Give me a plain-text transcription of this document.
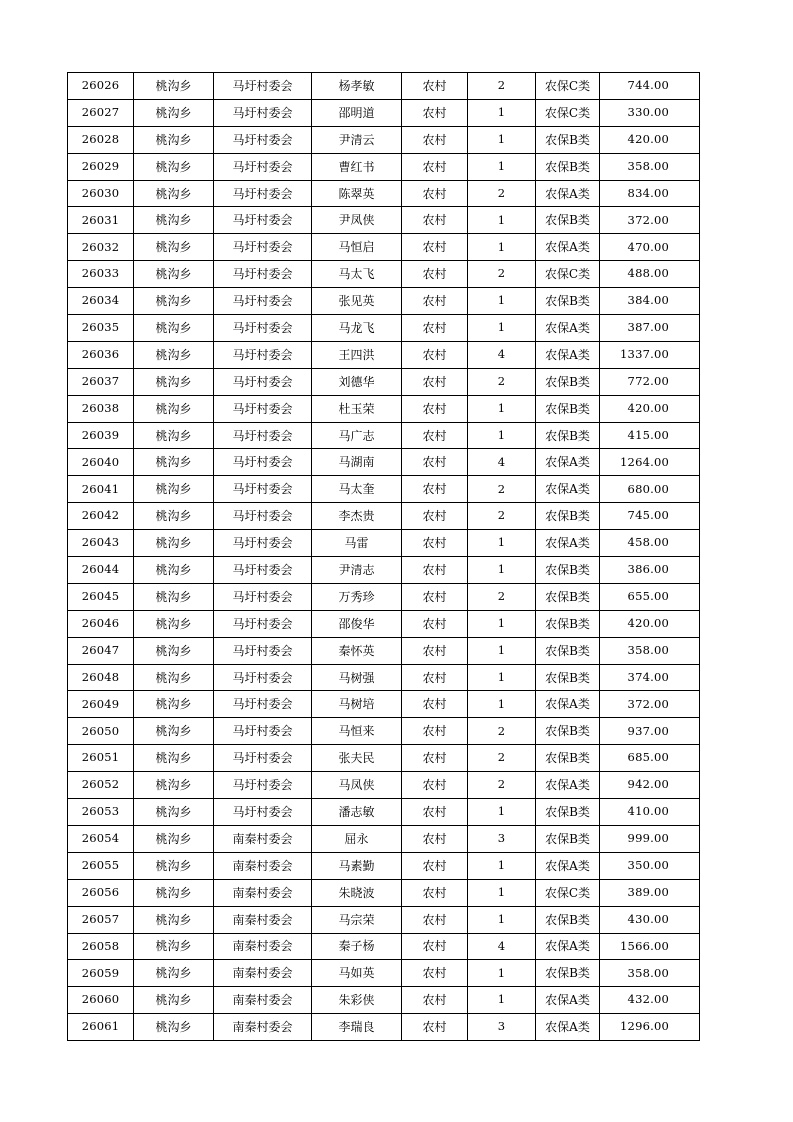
26026	桃沟乡	马圩村委会	杨孝敏	农村	2	农保C类	744.00
26027	桃沟乡	马圩村委会	邵明道	农村	1	农保C类	330.00
26028	桃沟乡	马圩村委会	尹清云	农村	1	农保B类	420.00
26029	桃沟乡	马圩村委会	曹红书	农村	1	农保B类	358.00
26030	桃沟乡	马圩村委会	陈翠英	农村	2	农保A类	834.00
26031	桃沟乡	马圩村委会	尹凤侠	农村	1	农保B类	372.00
26032	桃沟乡	马圩村委会	马恒启	农村	1	农保A类	470.00
26033	桃沟乡	马圩村委会	马太飞	农村	2	农保C类	488.00
26034	桃沟乡	马圩村委会	张见英	农村	1	农保B类	384.00
26035	桃沟乡	马圩村委会	马龙飞	农村	1	农保A类	387.00
26036	桃沟乡	马圩村委会	王四洪	农村	4	农保A类	1337.00
26037	桃沟乡	马圩村委会	刘德华	农村	2	农保B类	772.00
26038	桃沟乡	马圩村委会	杜玉荣	农村	1	农保B类	420.00
26039	桃沟乡	马圩村委会	马广志	农村	1	农保B类	415.00
26040	桃沟乡	马圩村委会	马湖南	农村	4	农保A类	1264.00
26041	桃沟乡	马圩村委会	马太奎	农村	2	农保A类	680.00
26042	桃沟乡	马圩村委会	李杰贵	农村	2	农保B类	745.00
26043	桃沟乡	马圩村委会	马雷	农村	1	农保A类	458.00
26044	桃沟乡	马圩村委会	尹清志	农村	1	农保B类	386.00
26045	桃沟乡	马圩村委会	万秀珍	农村	2	农保B类	655.00
26046	桃沟乡	马圩村委会	邵俊华	农村	1	农保B类	420.00
26047	桃沟乡	马圩村委会	秦怀英	农村	1	农保B类	358.00
26048	桃沟乡	马圩村委会	马树强	农村	1	农保B类	374.00
26049	桃沟乡	马圩村委会	马树培	农村	1	农保A类	372.00
26050	桃沟乡	马圩村委会	马恒来	农村	2	农保B类	937.00
26051	桃沟乡	马圩村委会	张夫民	农村	2	农保B类	685.00
26052	桃沟乡	马圩村委会	马凤侠	农村	2	农保A类	942.00
26053	桃沟乡	马圩村委会	潘志敏	农村	1	农保B类	410.00
26054	桃沟乡	南秦村委会	屈永	农村	3	农保B类	999.00
26055	桃沟乡	南秦村委会	马素勤	农村	1	农保A类	350.00
26056	桃沟乡	南秦村委会	朱晓波	农村	1	农保C类	389.00
26057	桃沟乡	南秦村委会	马宗荣	农村	1	农保B类	430.00
26058	桃沟乡	南秦村委会	秦子杨	农村	4	农保A类	1566.00
26059	桃沟乡	南秦村委会	马如英	农村	1	农保B类	358.00
26060	桃沟乡	南秦村委会	朱彩侠	农村	1	农保A类	432.00
26061	桃沟乡	南秦村委会	李瑞良	农村	3	农保A类	1296.00
